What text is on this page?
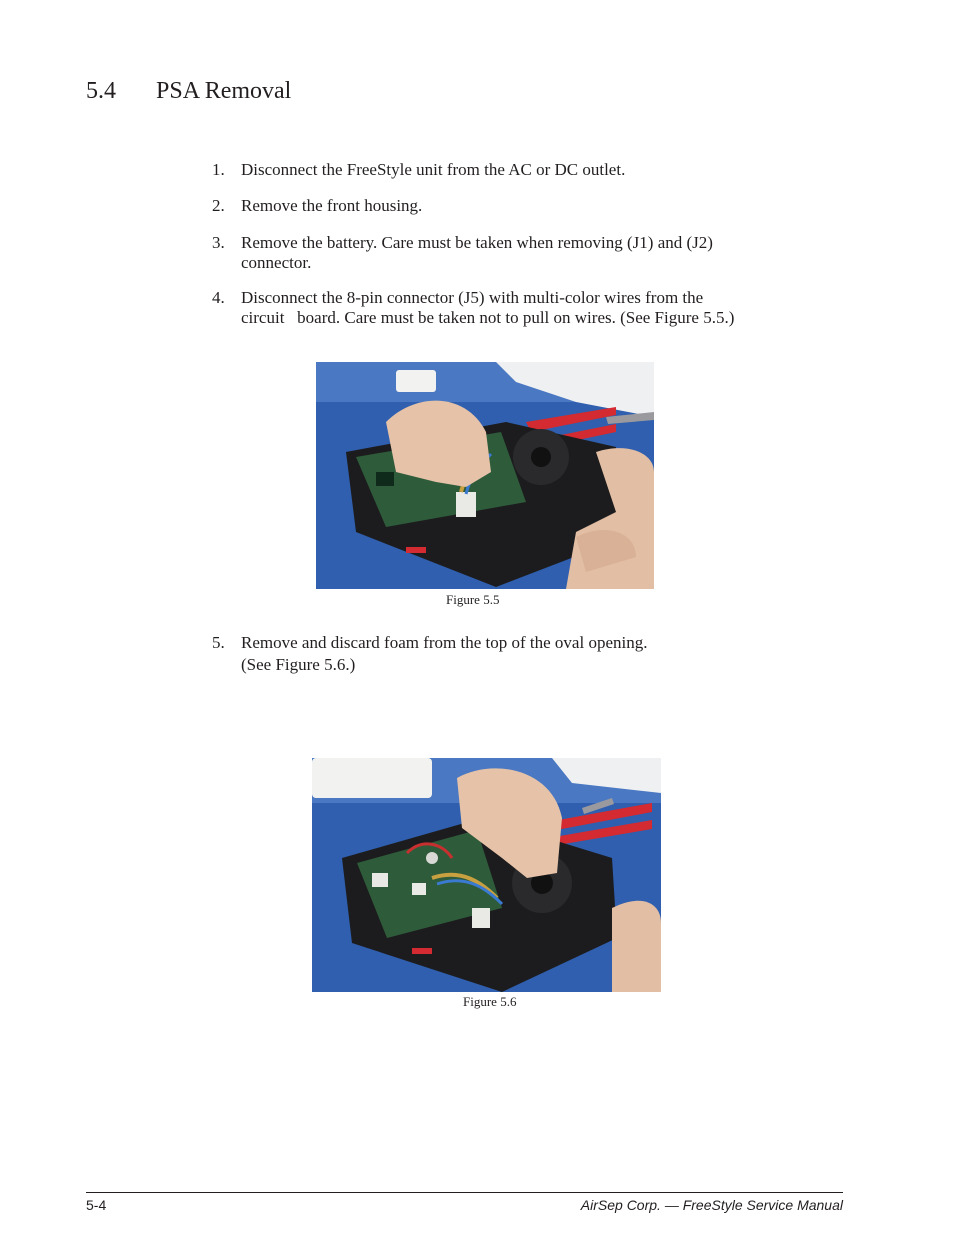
5.4 PSA Removal
1. Disconnect the FreeStyle unit from the AC or DC outlet.
2. Remove the front housing.
3. Remove the battery. Care must be taken when removing (J1) and (J2)
connector.
4. Disconnect the 8-pin connector (J5) with multi-color wires from the
circuit   board. Care must be taken not to pull on wires. (See Figure 5.5.)
Figure 5.5
5. Remove and discard foam from the top of the oval opening.
(See Figure 5.6.)
Figure 5.6
5-4	AirSep Corp. — FreeStyle Service Manual
